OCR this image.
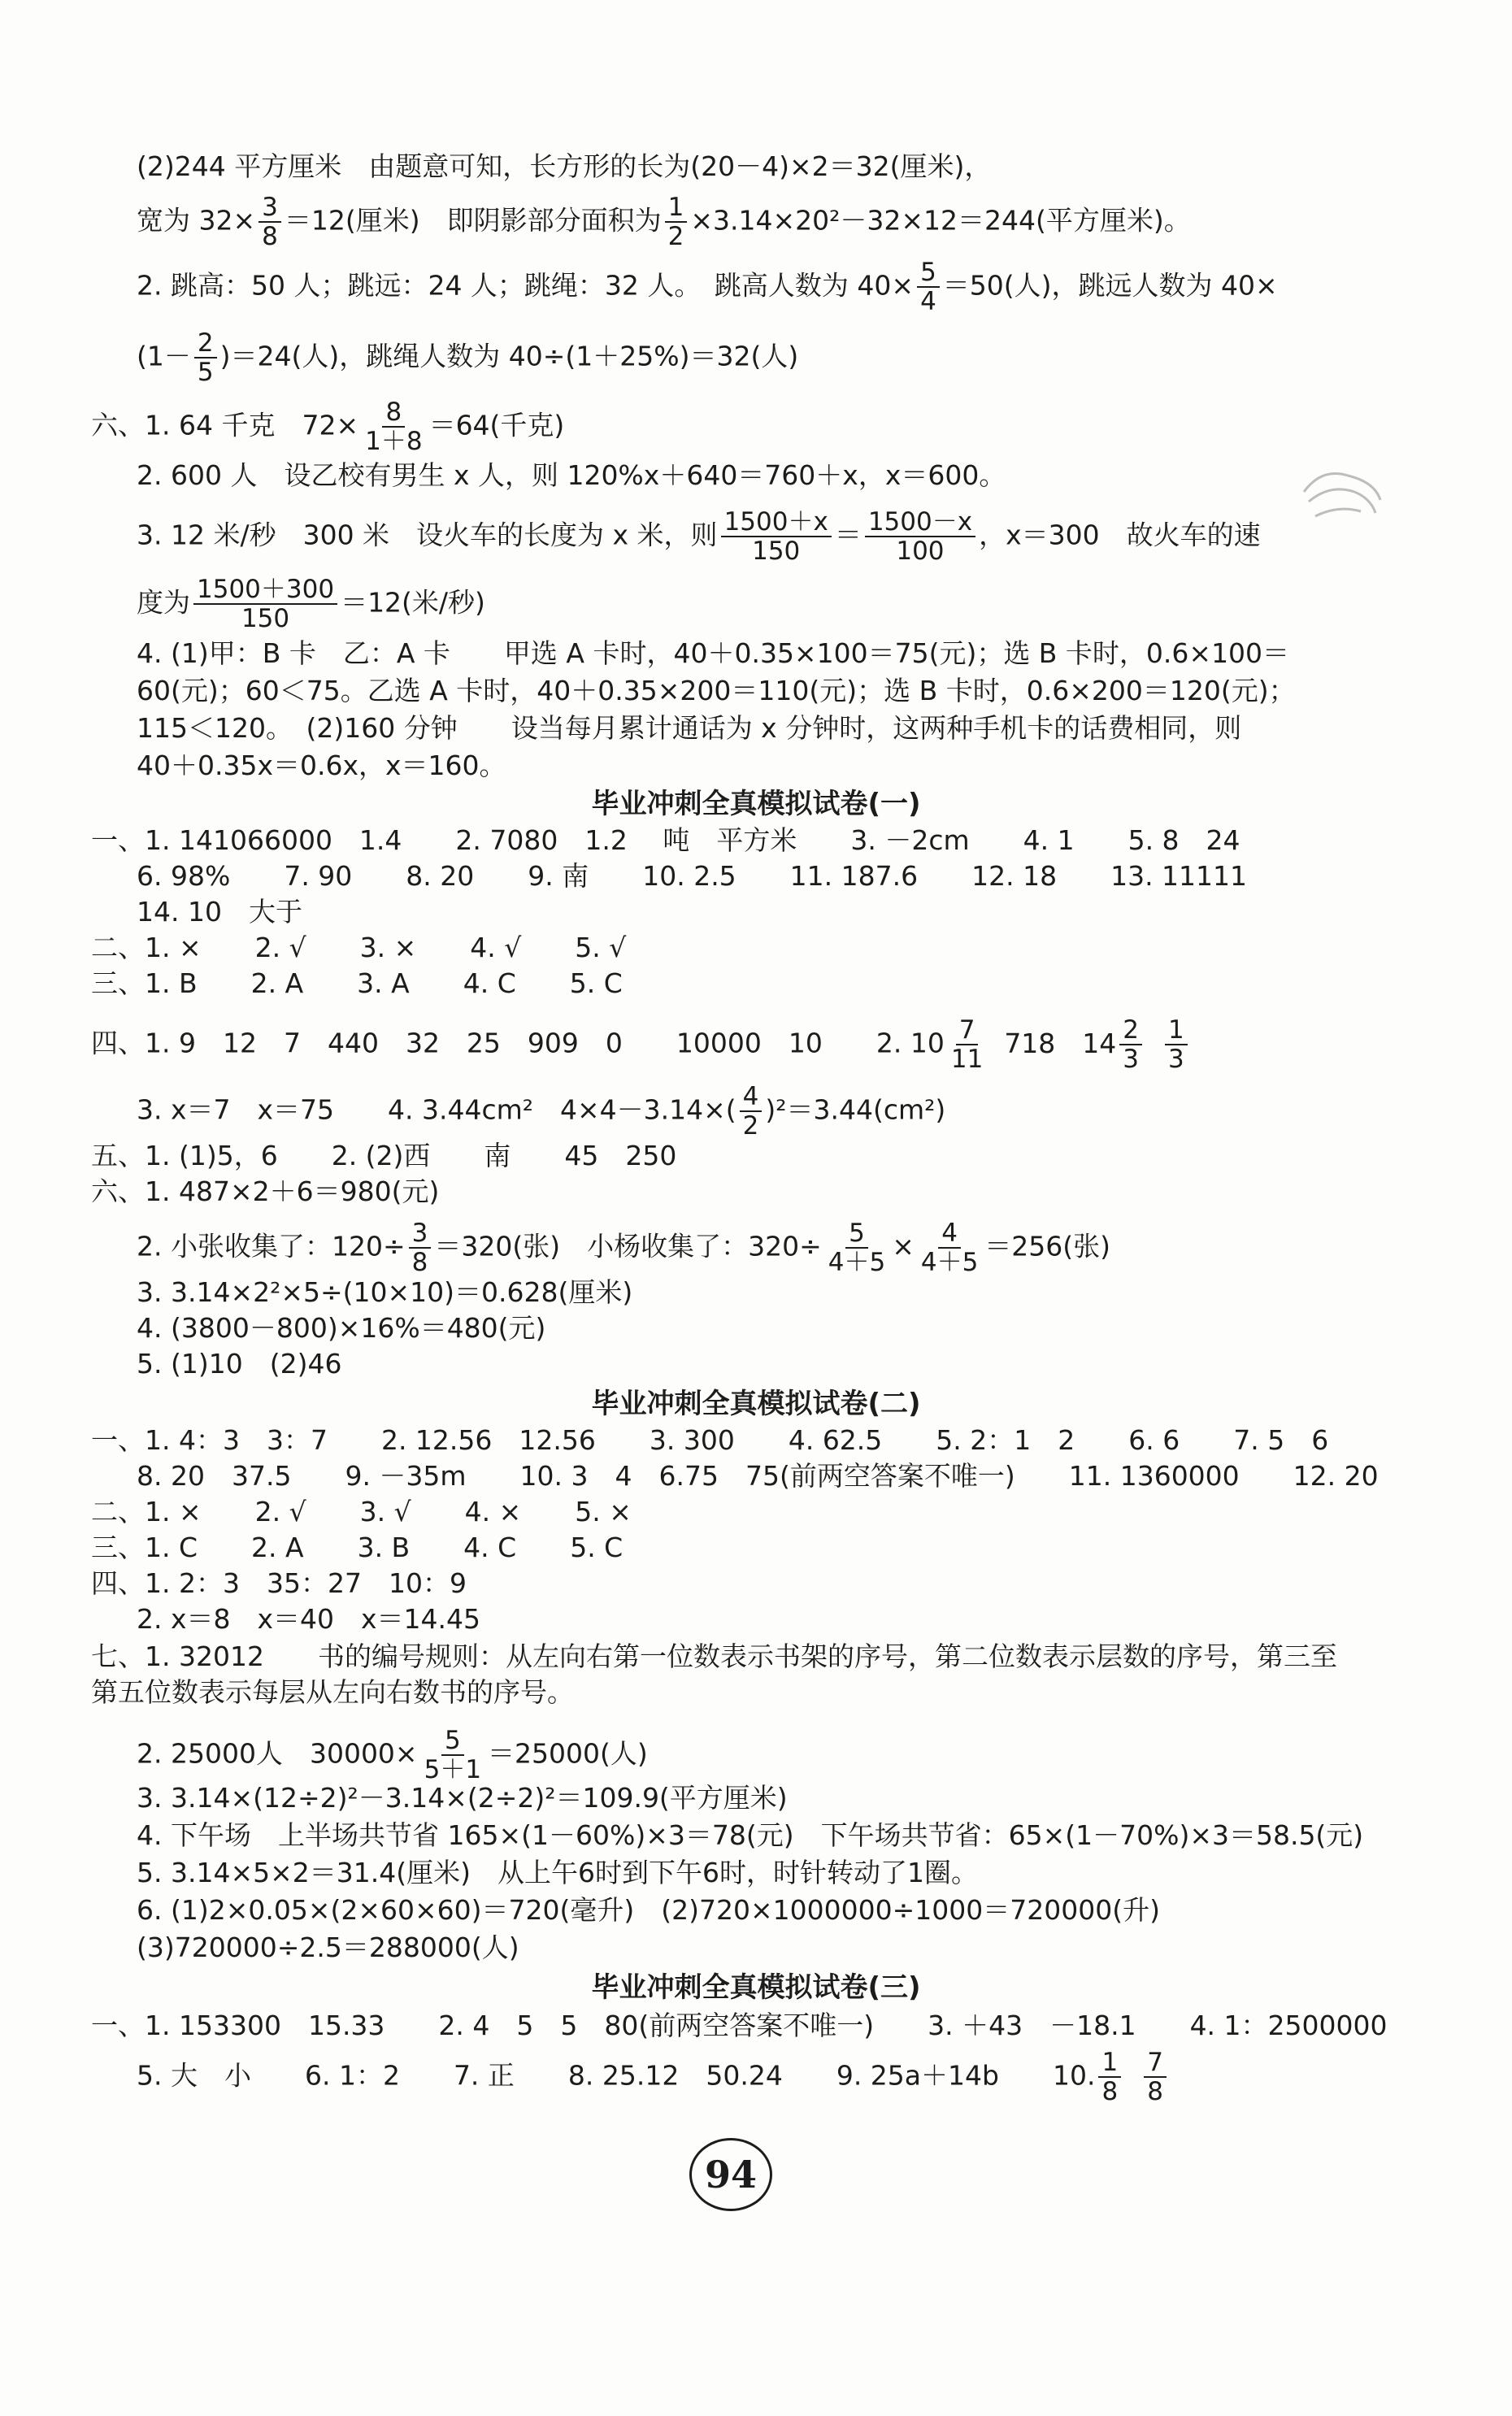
(2)244 平方厘米　由题意可知，长方形的长为(20－4)×2＝32(厘米)，
宽为 $32\times \frac{3}{8} =12$(厘米)　即阴影部分面积为 $\frac{1}{2} \times 3.14\times 20^2-32\times 12=244$(平方厘米)。
2. 跳高：50 人；跳远：24 人；跳绳：32 人。　跳高人数为 $40\times \frac{5}{4} =50$(人)，跳远人数为 40×
$(1- \frac{2}{5} )=24$(人)，跳绳人数为 40÷(1＋25%)＝32(人)
六、1. 64 千克　$72\times \frac{8}{1+8} =64$(千克)
2. 600 人　设乙校有男生 x 人，则 120%x＋640＝760＋x，x＝600。
3. 12 米/秒　300 米　设火车的长度为 x 米，则 $\frac{1500+x}{150} = \frac{1500-x}{100}$ ，x＝300　故火车的速
度为 $\frac{1500+300}{150} =12$(米/秒)
4. (1)甲：B 卡　乙：A 卡　　甲选 A 卡时，40＋0.35×100＝75(元)；选 B 卡时，0.6×100＝
60(元)；60＜75。乙选 A 卡时，40＋0.35×200＝110(元)；选 B 卡时，0.6×200＝120(元)；
115＜120。　(2)160 分钟　　设当每月累计通话为 x 分钟时，这两种手机卡的话费相同，则
40＋0.35x＝0.6x，x＝160。
毕业冲刺全真模拟试卷(一)
一、1. 141066000　1.4　　2. 7080　1.2　 吨　平方米　　3. －2cm　　4. 1　　5. 8　24
6. 98%　　7. 90　　8. 20　　9. 南　　10. 2.5　　11. 187.6　　12. 18　　13. 11111
14. 10　大于
二、1. ×　　2. √　　3. ×　　4. √　　5. √
三、1. B　　2. A　　3. A　　4. C　　5. C
四、1. 9　12　7　440　32　25　909　0　　10000　10　　2. $10 \frac{7}{11} 718$　$14 \frac{2}{3} \frac{1}{3}$
3. x＝7　x＝75　　4. 3.44cm²　$4\times 4-3.14\times( \frac{4}{2} )^2=3.44(cm^2)$
五、1. (1)5，6　　2. (2)西　　南　　45　250
六、1. 487×2＋6＝980(元)
2. 小张收集了：$120\div \frac{3}{8} =320$(张)　小杨收集了：$320\div \frac{5}{4+5} \times \frac{4}{4+5} =256$(张)
3. 3.14×2²×5÷(10×10)＝0.628(厘米)
4. (3800－800)×16%＝480(元)
5. (1)10　(2)46
毕业冲刺全真模拟试卷(二)
一、1. 4：3　3：7　　2. 12.56　12.56　　3. 300　　4. 62.5　　5. 2：1　2　　6. 6　　7. 5　6
8. 20　37.5　　9. －35m　　10. 3　4　6.75　75(前两空答案不唯一)　　11. 1360000　　12. 20
二、1. ×　　2. √　　3. √　　4. ×　　5. ×
三、1. C　　2. A　　3. B　　4. C　　5. C
四、1. 2：3　35：27　10：9
2. x＝8　x＝40　x＝14.45
七、1. 32012　　书的编号规则：从左向右第一位数表示书架的序号，第二位数表示层数的序号，第三至
第五位数表示每层从左向右数书的序号。
2. 25000人　$30000\times \frac{5}{5+1} =25000$(人)
3. 3.14×(12÷2)²－3.14×(2÷2)²＝109.9(平方厘米)
4. 下午场　上半场共节省 165×(1－60%)×3＝78(元)　下午场共节省：65×(1－70%)×3＝58.5(元)
5. 3.14×5×2＝31.4(厘米)　从上午6时到下午6时，时针转动了1圈。
6. (1)2×0.05×(2×60×60)＝720(毫升)　(2)720×1000000÷1000＝720000(升)
(3)720000÷2.5＝288000(人)
毕业冲刺全真模拟试卷(三)
一、1. 153300　15.33　　2. 4　5　5　80(前两空答案不唯一)　　3. ＋43　－18.1　　4. 1：2500000
5. 大　小　　6. 1：2　　7. 正　　8. 25.12　50.24　　9. 25a＋14b　　10. $\frac{1}{8} \frac{7}{8}$
94
